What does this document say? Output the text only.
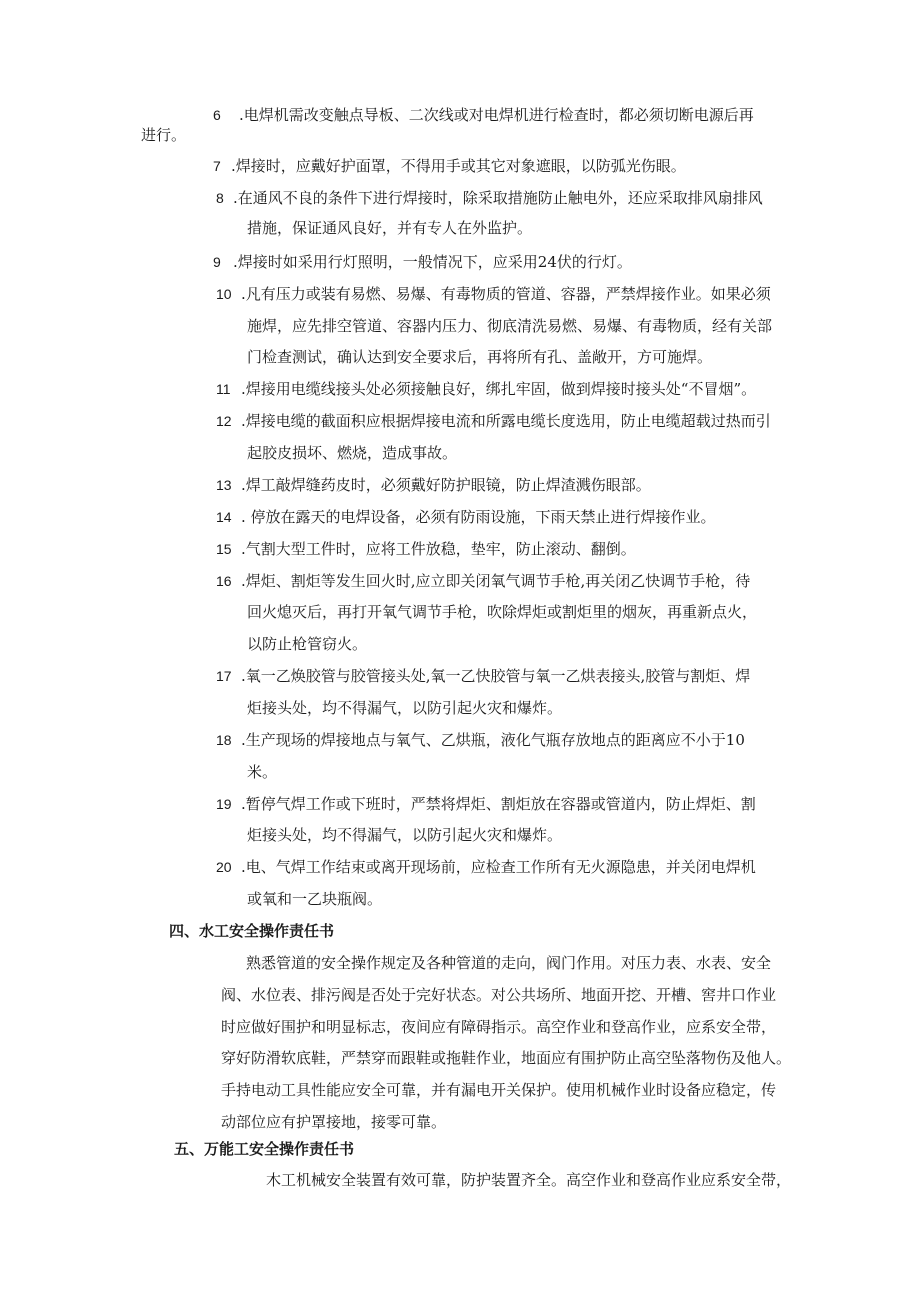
6 .电焊机需改变触点导板、二次线或对电焊机进行检查时，都必须切断电源后再
进行。
7 .焊接时，应戴好护面罩，不得用手或其它对象遮眼，以防弧光伤眼。
8 .在通风不良的条件下进行焊接时，除采取措施防止触电外，还应采取排风扇排风
措施，保证通风良好，并有专人在外监护。
9 .焊接时如采用行灯照明，一般情况下，应采用24伏的行灯。
10 .凡有压力或装有易燃、易爆、有毒物质的管道、容器，严禁焊接作业。如果必须
施焊，应先排空管道、容器内压力、彻底清洗易燃、易爆、有毒物质，经有关部
门检查测试，确认达到安全要求后，再将所有孔、盖敞开，方可施焊。
11 .焊接用电缆线接头处必须接触良好，绑扎牢固，做到焊接时接头处“不冒烟”。
12 .焊接电缆的截面积应根据焊接电流和所露电缆长度选用，防止电缆超载过热而引
起胶皮损坏、燃烧，造成事故。
13 .焊工敲焊缝药皮时，必须戴好防护眼镜，防止焊渣溅伤眼部。
14 . 停放在露天的电焊设备，必须有防雨设施，下雨天禁止进行焊接作业。
15 .气割大型工件时，应将工件放稳，垫牢，防止滚动、翻倒。
16 .焊炬、割炬等发生回火时,应立即关闭氧气调节手枪,再关闭乙快调节手枪，待
回火熄灭后，再打开氧气调节手枪，吹除焊炬或割炬里的烟灰，再重新点火，
以防止枪管窃火。
17 .氧一乙焕胶管与胶管接头处,氧一乙快胶管与氧一乙烘表接头,胶管与割炬、焊
炬接头处，均不得漏气，以防引起火灾和爆炸。
18 .生产现场的焊接地点与氧气、乙烘瓶，液化气瓶存放地点的距离应不小于10
米。
19 .暂停气焊工作或下班时，严禁将焊炬、割炬放在容器或管道内，防止焊炬、割
炬接头处，均不得漏气，以防引起火灾和爆炸。
20 .电、气焊工作结束或离开现场前，应检查工作所有无火源隐患，并关闭电焊机
或氧和一乙块瓶阀。
四、水工安全操作责任书
熟悉管道的安全操作规定及各种管道的走向，阀门作用。对压力表、水表、安全
阀、水位表、排污阀是否处于完好状态。对公共场所、地面开挖、开槽、窖井口作业
时应做好围护和明显标志，夜间应有障碍指示。高空作业和登高作业，应系安全带，
穿好防滑软底鞋，严禁穿而跟鞋或拖鞋作业，地面应有围护防止高空坠落物伤及他人。
手持电动工具性能应安全可靠，并有漏电开关保护。使用机械作业时设备应稳定，传
动部位应有护罩接地，接零可靠。
五、万能工安全操作责任书
木工机械安全装置有效可靠，防护装置齐全。高空作业和登高作业应系安全带，
